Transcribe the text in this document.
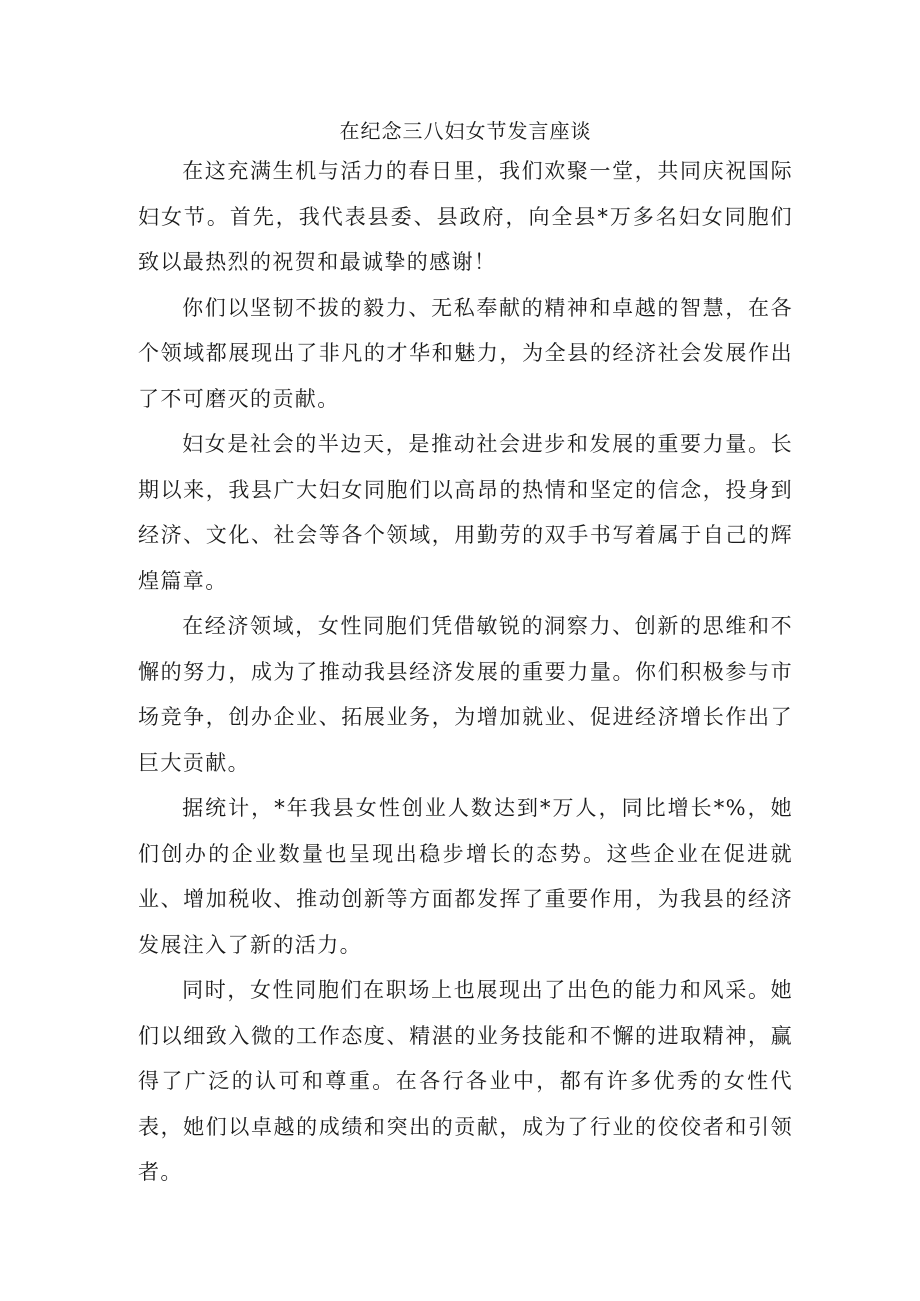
在纪念三八妇女节发言座谈

在这充满生机与活力的春日里，我们欢聚一堂，共同庆祝国际妇女节。首先，我代表县委、县政府，向全县*万多名妇女同胞们致以最热烈的祝贺和最诚挚的感谢！

你们以坚韧不拔的毅力、无私奉献的精神和卓越的智慧，在各个领域都展现出了非凡的才华和魅力，为全县的经济社会发展作出了不可磨灭的贡献。

妇女是社会的半边天，是推动社会进步和发展的重要力量。长期以来，我县广大妇女同胞们以高昂的热情和坚定的信念，投身到经济、文化、社会等各个领域，用勤劳的双手书写着属于自己的辉煌篇章。

在经济领域，女性同胞们凭借敏锐的洞察力、创新的思维和不懈的努力，成为了推动我县经济发展的重要力量。你们积极参与市场竞争，创办企业、拓展业务，为增加就业、促进经济增长作出了巨大贡献。

据统计，*年我县女性创业人数达到*万人，同比增长*%，她们创办的企业数量也呈现出稳步增长的态势。这些企业在促进就业、增加税收、推动创新等方面都发挥了重要作用，为我县的经济发展注入了新的活力。

同时，女性同胞们在职场上也展现出了出色的能力和风采。她们以细致入微的工作态度、精湛的业务技能和不懈的进取精神，赢得了广泛的认可和尊重。在各行各业中，都有许多优秀的女性代表，她们以卓越的成绩和突出的贡献，成为了行业的佼佼者和引领者。
